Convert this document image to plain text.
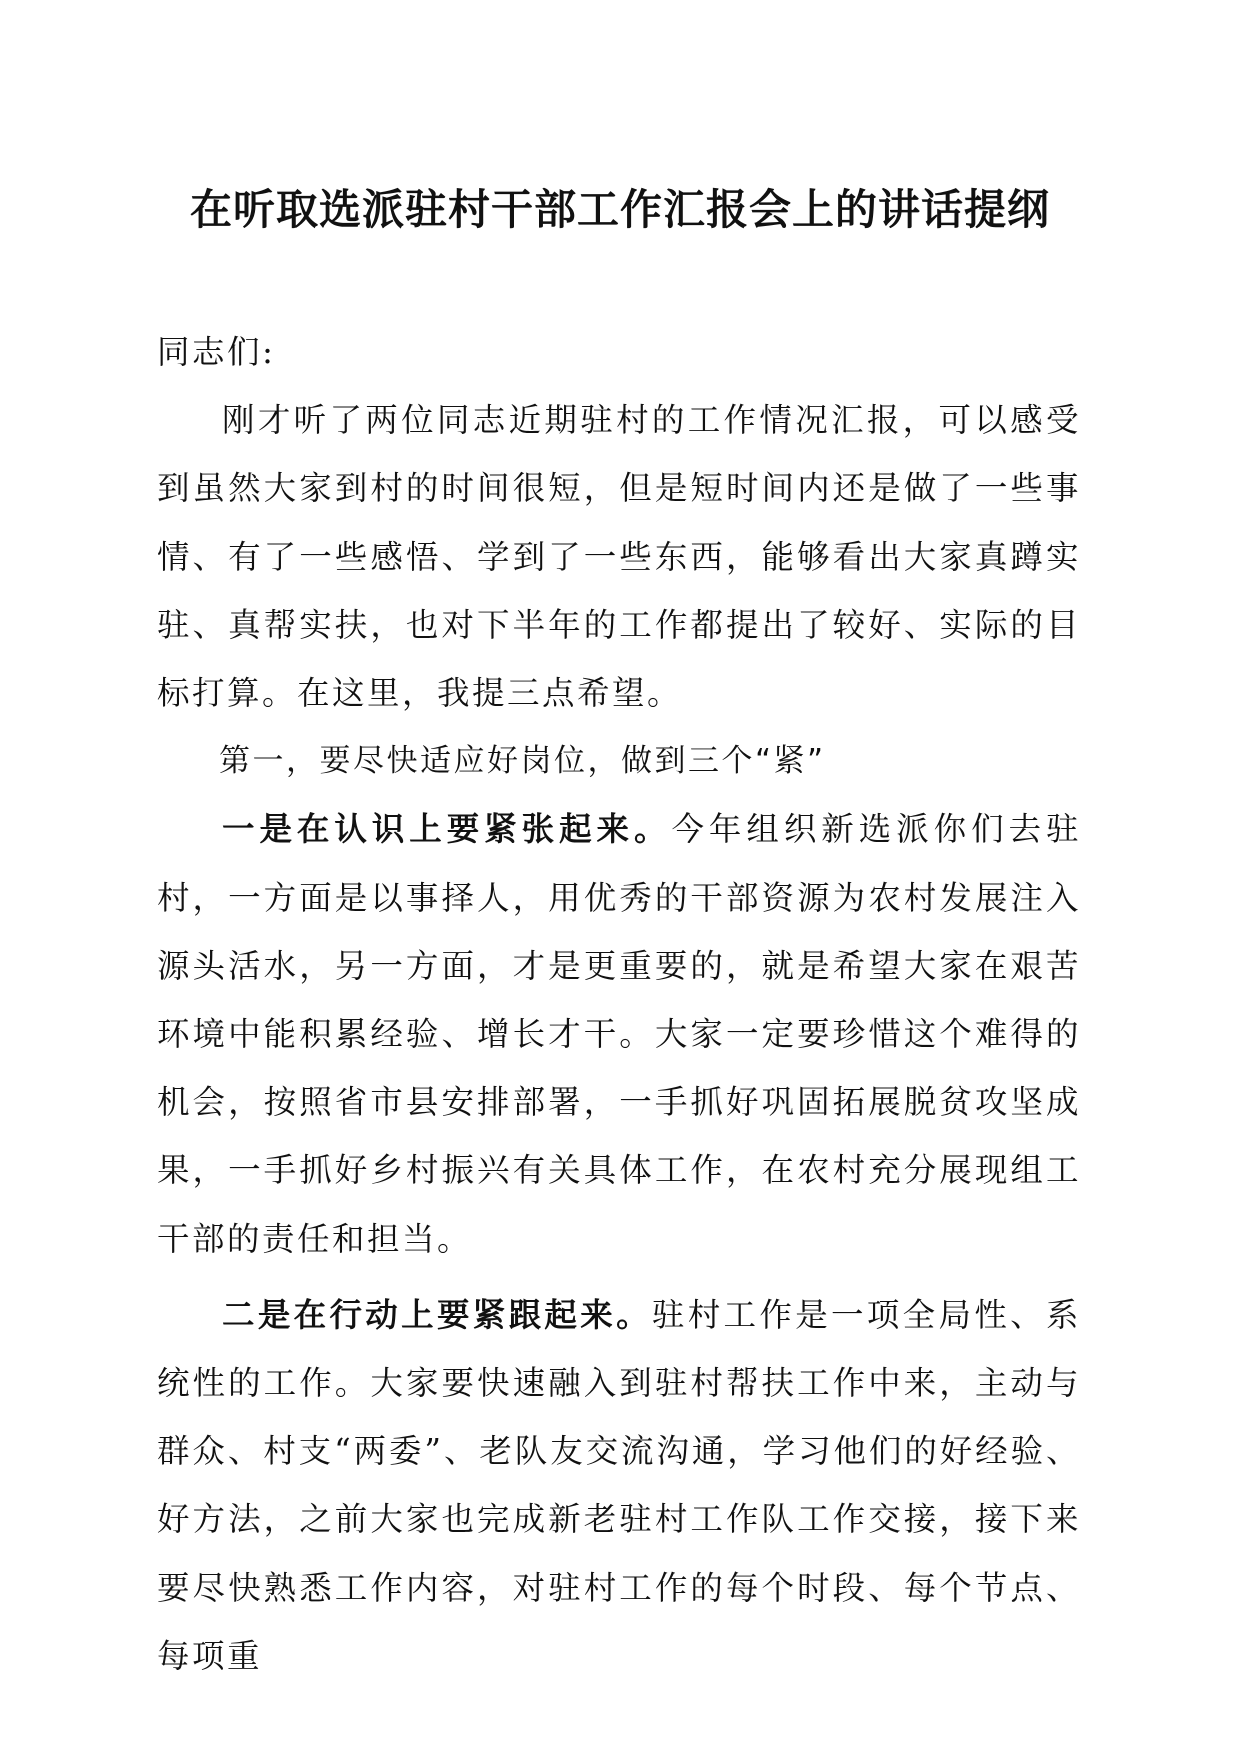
在听取选派驻村干部工作汇报会上的讲话提纲

同志们:

刚才听了两位同志近期驻村的工作情况汇报，可以感受到虽然大家到村的时间很短，但是短时间内还是做了一些事情、有了一些感悟、学到了一些东西，能够看出大家真蹲实驻、真帮实扶，也对下半年的工作都提出了较好、实际的目标打算。在这里，我提三点希望。

第一，要尽快适应好岗位，做到三个“紧”

一是在认识上要紧张起来。今年组织新选派你们去驻村，一方面是以事择人，用优秀的干部资源为农村发展注入源头活水，另一方面，才是更重要的，就是希望大家在艰苦环境中能积累经验、增长才干。大家一定要珍惜这个难得的机会，按照省市县安排部署，一手抓好巩固拓展脱贫攻坚成果，一手抓好乡村振兴有关具体工作，在农村充分展现组工干部的责任和担当。

二是在行动上要紧跟起来。驻村工作是一项全局性、系统性的工作。大家要快速融入到驻村帮扶工作中来，主动与群众、村支“两委”、老队友交流沟通，学习他们的好经验、好方法，之前大家也完成新老驻村工作队工作交接，接下来要尽快熟悉工作内容，对驻村工作的每个时段、每个节点、每项重
